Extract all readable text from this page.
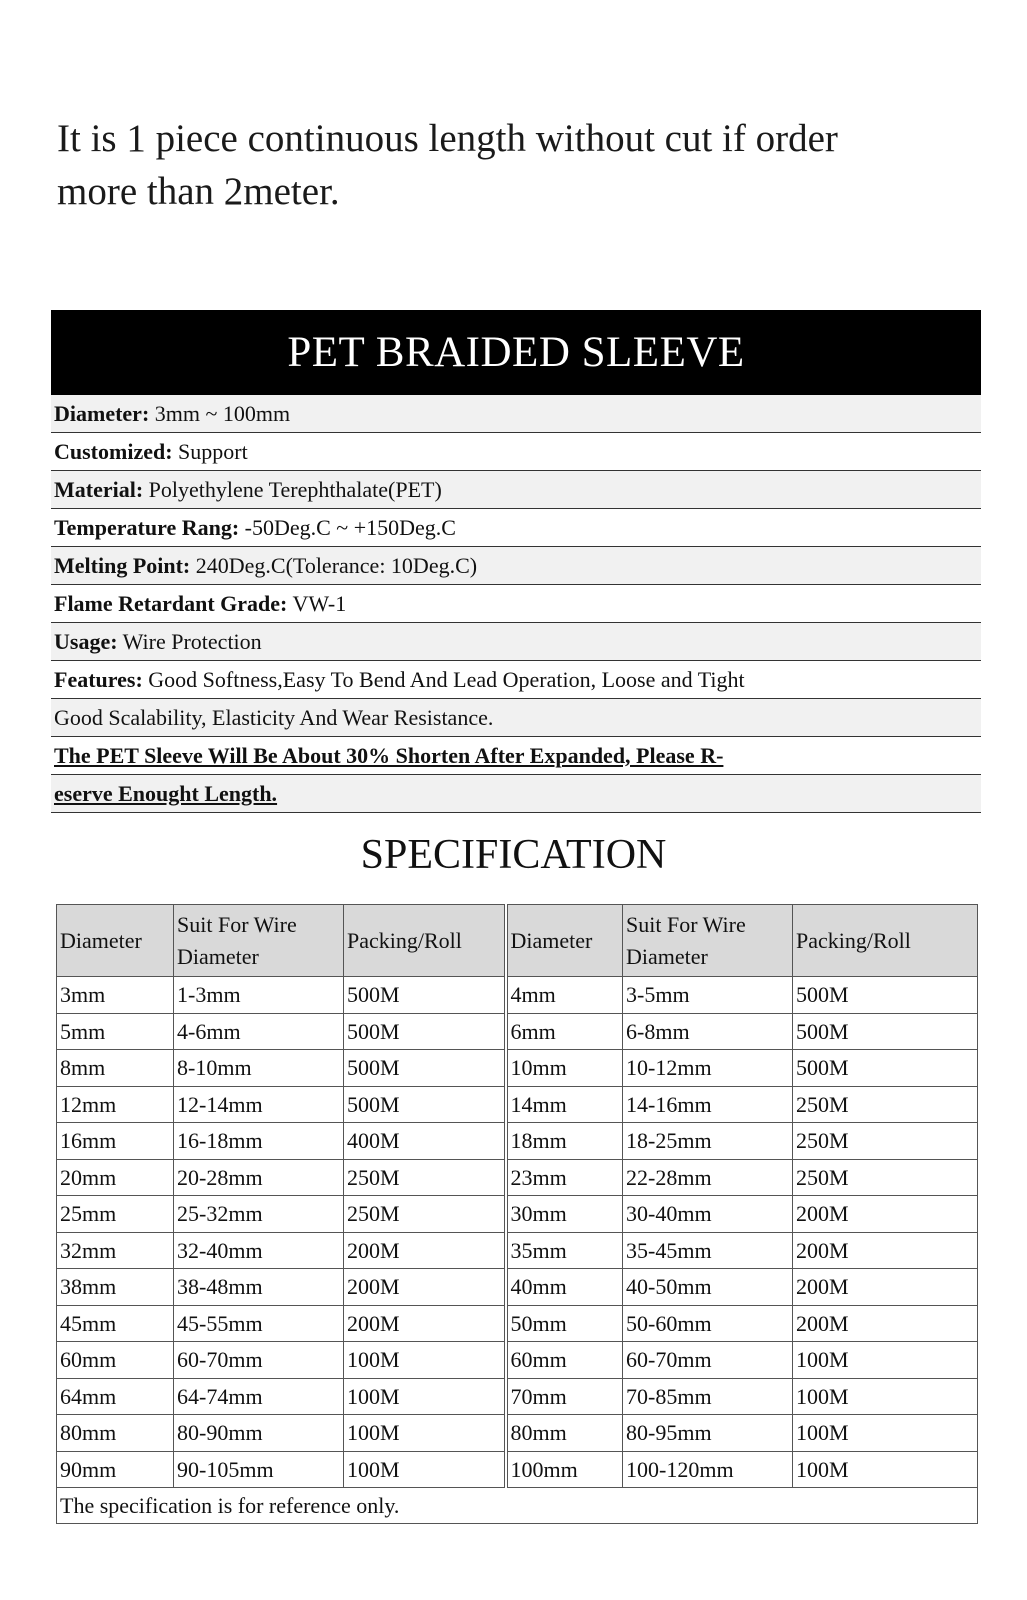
It is 1 piece continuous length without cut if order
more than 2meter.
PET BRAIDED SLEEVE
Diameter: 3mm ~ 100mm
Customized: Support
Material: Polyethylene Terephthalate(PET)
Temperature Rang: -50Deg.C ~ +150Deg.C
Melting Point: 240Deg.C(Tolerance: 10Deg.C)
Flame Retardant Grade: VW-1
Usage: Wire Protection
Features: Good Softness,Easy To Bend And Lead Operation, Loose and Tight
Good Scalability, Elasticity And Wear Resistance.
The PET Sleeve Will Be About 30% Shorten After Expanded, Please R-
eserve Enought Length.
SPECIFICATION
Diameter	Suit For Wire Diameter	Packing/Roll	Diameter	Suit For Wire Diameter	Packing/Roll
3mm	1-3mm	500M	4mm	3-5mm	500M
5mm	4-6mm	500M	6mm	6-8mm	500M
8mm	8-10mm	500M	10mm	10-12mm	500M
12mm	12-14mm	500M	14mm	14-16mm	250M
16mm	16-18mm	400M	18mm	18-25mm	250M
20mm	20-28mm	250M	23mm	22-28mm	250M
25mm	25-32mm	250M	30mm	30-40mm	200M
32mm	32-40mm	200M	35mm	35-45mm	200M
38mm	38-48mm	200M	40mm	40-50mm	200M
45mm	45-55mm	200M	50mm	50-60mm	200M
60mm	60-70mm	100M	60mm	60-70mm	100M
64mm	64-74mm	100M	70mm	70-85mm	100M
80mm	80-90mm	100M	80mm	80-95mm	100M
90mm	90-105mm	100M	100mm	100-120mm	100M
The specification is for reference only.					
